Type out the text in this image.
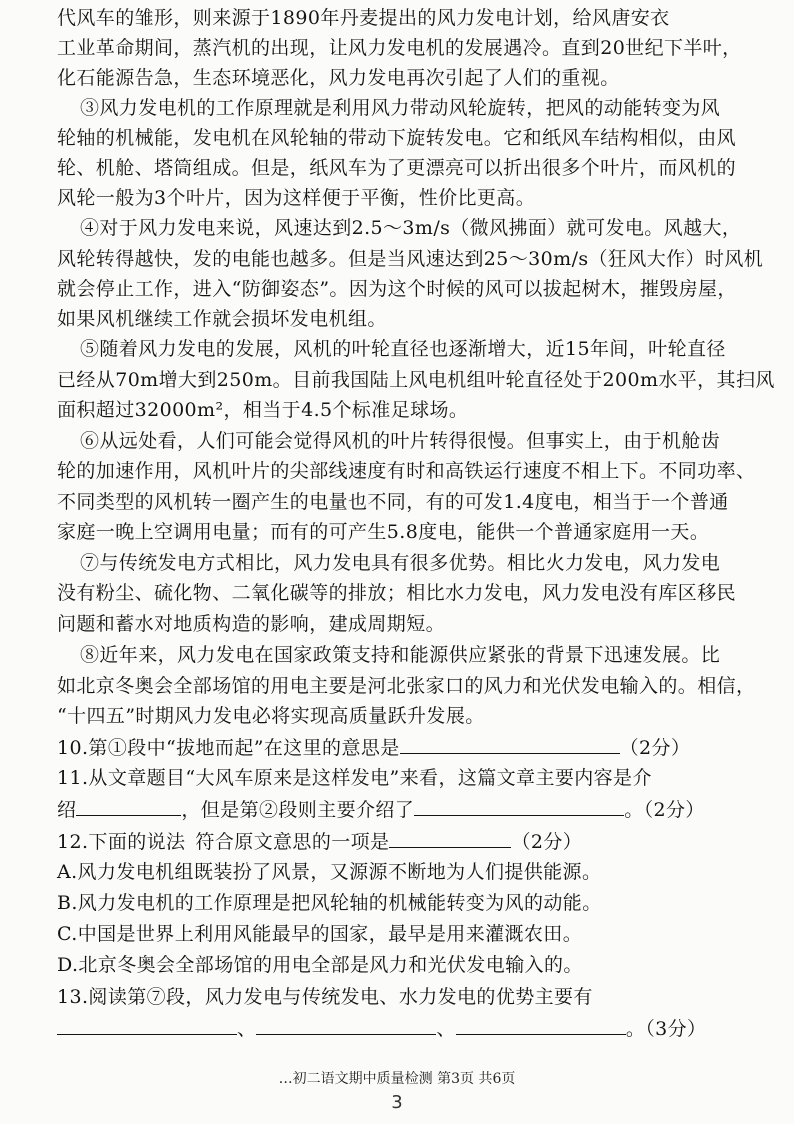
代风车的雏形，则来源于1890年丹麦提出的风力发电计划，给风唐安衣
工业革命期间，蒸汽机的出现，让风力发电机的发展遇冷。直到20世纪下半叶，
化石能源告急，生态环境恶化，风力发电再次引起了人们的重视。
③风力发电机的工作原理就是利用风力带动风轮旋转，把风的动能转变为风
轮轴的机械能，发电机在风轮轴的带动下旋转发电。它和纸风车结构相似，由风
轮、机舱、塔筒组成。但是，纸风车为了更漂亮可以折出很多个叶片，而风机的
风轮一般为3个叶片，因为这样便于平衡，性价比更高。
④对于风力发电来说，风速达到2.5～3m/s（微风拂面）就可发电。风越大，
风轮转得越快，发的电能也越多。但是当风速达到25～30m/s（狂风大作）时风机
就会停止工作，进入“防御姿态”。因为这个时候的风可以拔起树木，摧毁房屋，
如果风机继续工作就会损坏发电机组。
⑤随着风力发电的发展，风机的叶轮直径也逐渐增大，近15年间，叶轮直径
已经从70m增大到250m。目前我国陆上风电机组叶轮直径处于200m水平，其扫风
面积超过32000m²，相当于4.5个标准足球场。
⑥从远处看，人们可能会觉得风机的叶片转得很慢。但事实上，由于机舱齿
轮的加速作用，风机叶片的尖部线速度有时和高铁运行速度不相上下。不同功率、
不同类型的风机转一圈产生的电量也不同，有的可发1.4度电，相当于一个普通
家庭一晚上空调用电量；而有的可产生5.8度电，能供一个普通家庭用一天。
⑦与传统发电方式相比，风力发电具有很多优势。相比火力发电，风力发电
没有粉尘、硫化物、二氧化碳等的排放；相比水力发电，风力发电没有库区移民
问题和蓄水对地质构造的影响，建成周期短。
⑧近年来，风力发电在国家政策支持和能源供应紧张的背景下迅速发展。比
如北京冬奥会全部场馆的用电主要是河北张家口的风力和光伏发电输入的。相信，
“十四五”时期风力发电必将实现高质量跃升发展。
10.第①段中“拔地而起”在这里的意思是	（2分）
11.从文章题目“大风车原来是这样发电”来看，这篇文章主要内容是介
绍	，但是第②段则主要介绍了	。（2分）
12.下面的说法 符合原文意思的一项是	（2分）
A.风力发电机组既装扮了风景，又源源不断地为人们提供能源。
B.风力发电机的工作原理是把风轮轴的机械能转变为风的动能。
C.中国是世界上利用风能最早的国家，最早是用来灌溉农田。
D.北京冬奥会全部场馆的用电全部是风力和光伏发电输入的。
13.阅读第⑦段，风力发电与传统发电、水力发电的优势主要有
、	、	。（3分）
…初二语文期中质量检测 第3页 共6页
3
